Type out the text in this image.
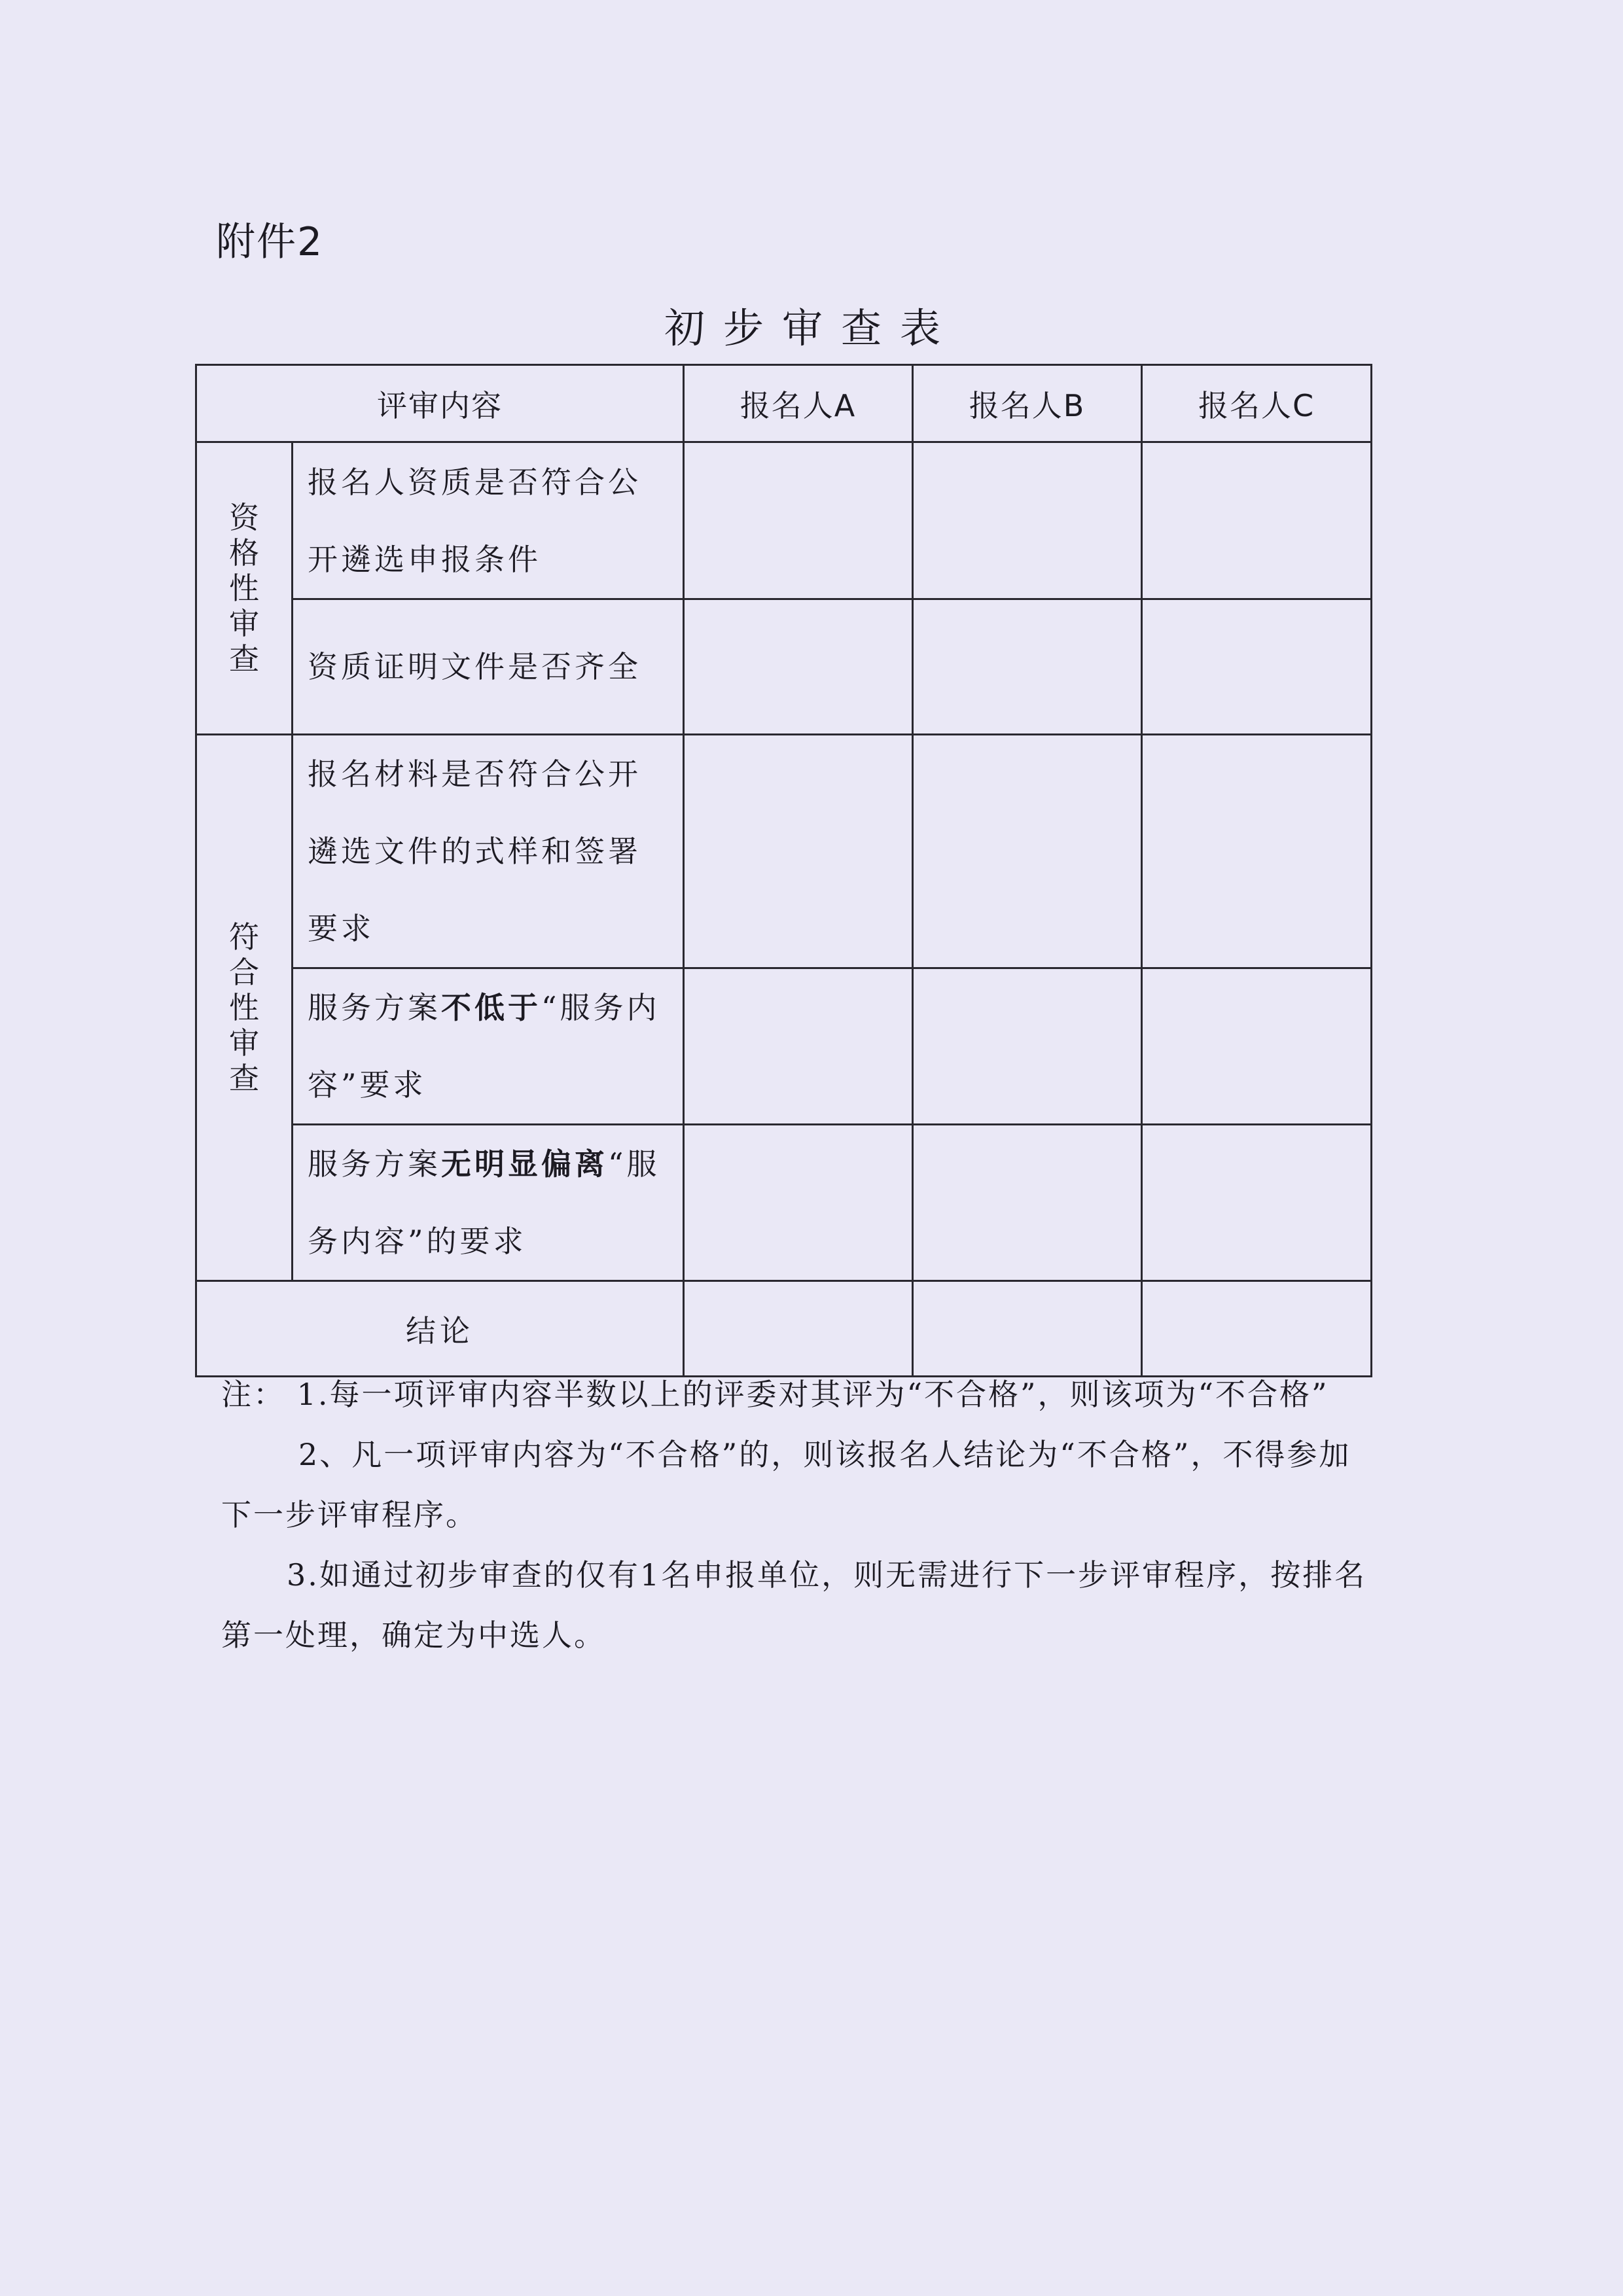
附件2
初步审查表
评审内容		报名人A	报名人B	报名人C
资格性审查	报名人资质是否符合公开遴选申报条件			
	资质证明文件是否齐全			
符合性审查	报名材料是否符合公开遴选文件的式样和签署要求			
	服务方案不低于“服务内容”要求			
	服务方案无明显偏离“服务内容”的要求			
结论				

注： 1.每一项评审内容半数以上的评委对其评为“不合格”，则该项为“不合格”

2、凡一项评审内容为“不合格”的，则该报名人结论为“不合格”，不得参加下一步评审程序。

3.如通过初步审查的仅有1名申报单位，则无需进行下一步评审程序，按排名第一处理，确定为中选人。
